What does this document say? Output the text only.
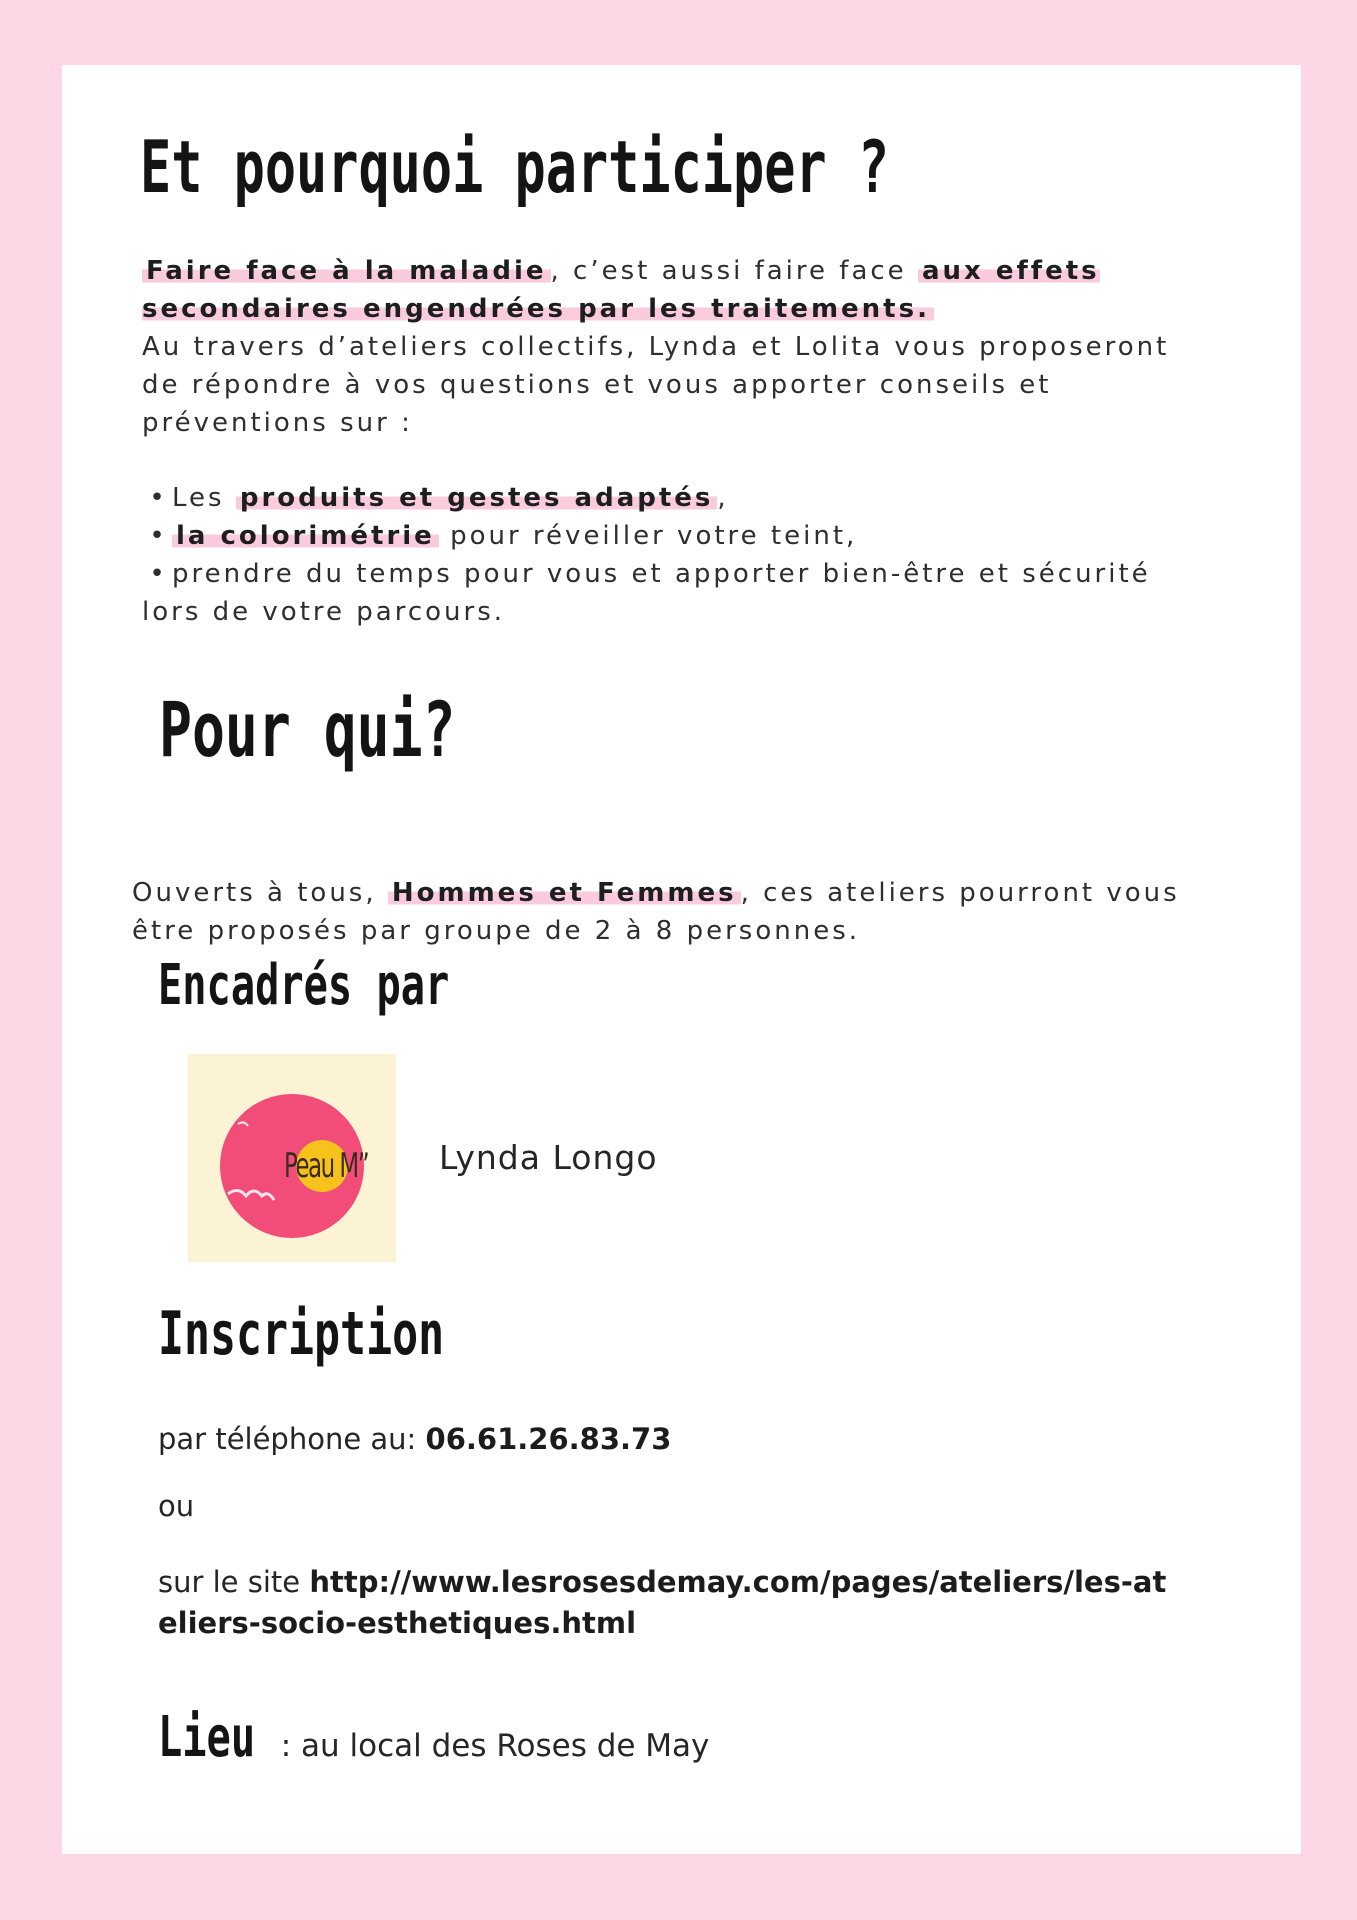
Et pourquoi participer ?

Faire face à la maladie , c’est aussi faire face aux effets secondaires engendrées par les traitements.
Au travers d’ateliers collectifs, Lynda et Lolita vous proposeront de répondre à vos questions et vous apporter conseils et préventions sur :

• Les produits et gestes adaptés ,
• la colorimétrie pour réveiller votre teint,
• prendre du temps pour vous et apporter bien-être et sécurité lors de votre parcours.

Pour qui?

Ouverts à tous, Hommes et Femmes , ces ateliers pourront vous être proposés par groupe de 2 à 8 personnes.

Encadrés par
Peau M” Lynda Longo

Inscription

par téléphone au: 06.61.26.83.73

ou

sur le site http://www.lesrosesdemay.com/pages/ateliers/les-ateliers-socio-esthetiques.html

Lieu : au local des Roses de May
